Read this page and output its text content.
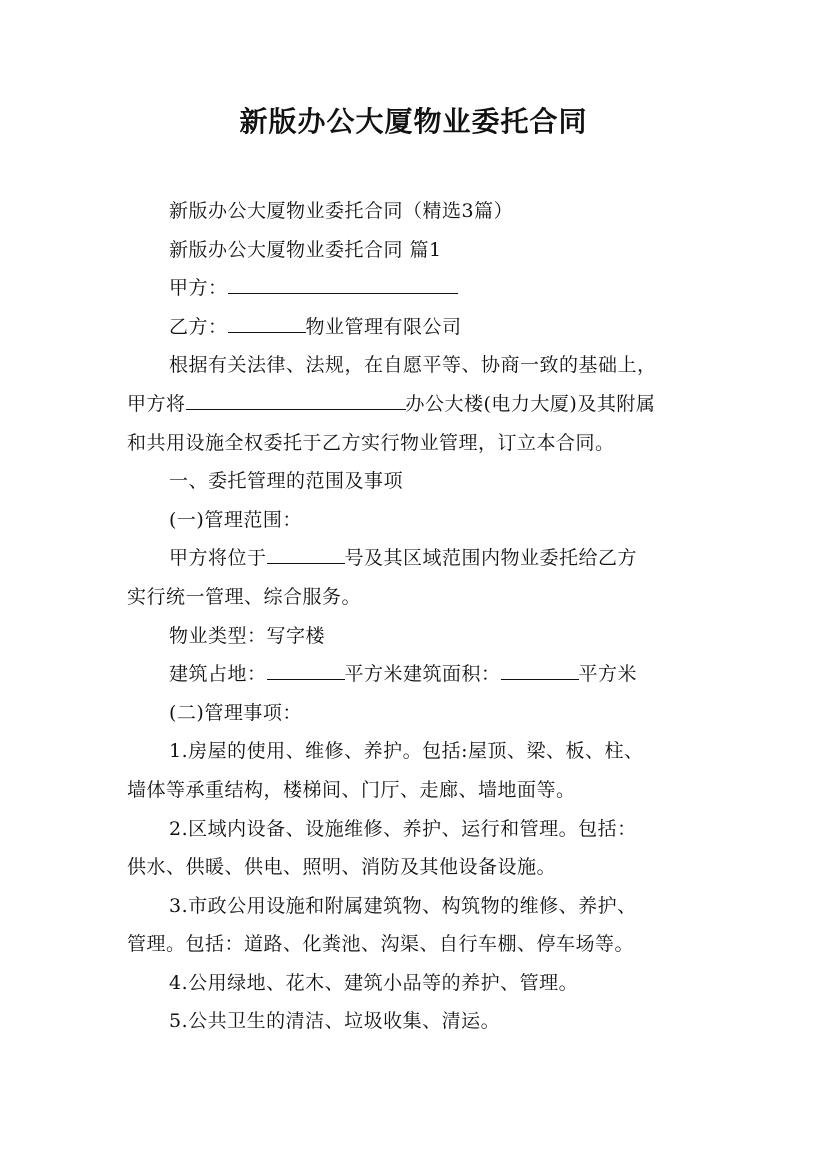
新版办公大厦物业委托合同

新版办公大厦物业委托合同（精选3篇）

新版办公大厦物业委托合同 篇1

甲方：

乙方：	物业管理有限公司

根据有关法律、法规，在自愿平等、协商一致的基础上，

甲方将	办公大楼(电力大厦)及其附属

和共用设施全权委托于乙方实行物业管理，订立本合同。

一、委托管理的范围及事项

(一)管理范围：

甲方将位于	号及其区域范围内物业委托给乙方

实行统一管理、综合服务。

物业类型：写字楼

建筑占地：	平方米建筑面积：	平方米

(二)管理事项：

1.房屋的使用、维修、养护。包括:屋顶、梁、板、柱、

墙体等承重结构，楼梯间、门厅、走廊、墙地面等。

2.区域内设备、设施维修、养护、运行和管理。包括：

供水、供暖、供电、照明、消防及其他设备设施。

3.市政公用设施和附属建筑物、构筑物的维修、养护、

管理。包括：道路、化粪池、沟渠、自行车棚、停车场等。

4.公用绿地、花木、建筑小品等的养护、管理。

5.公共卫生的清洁、垃圾收集、清运。
